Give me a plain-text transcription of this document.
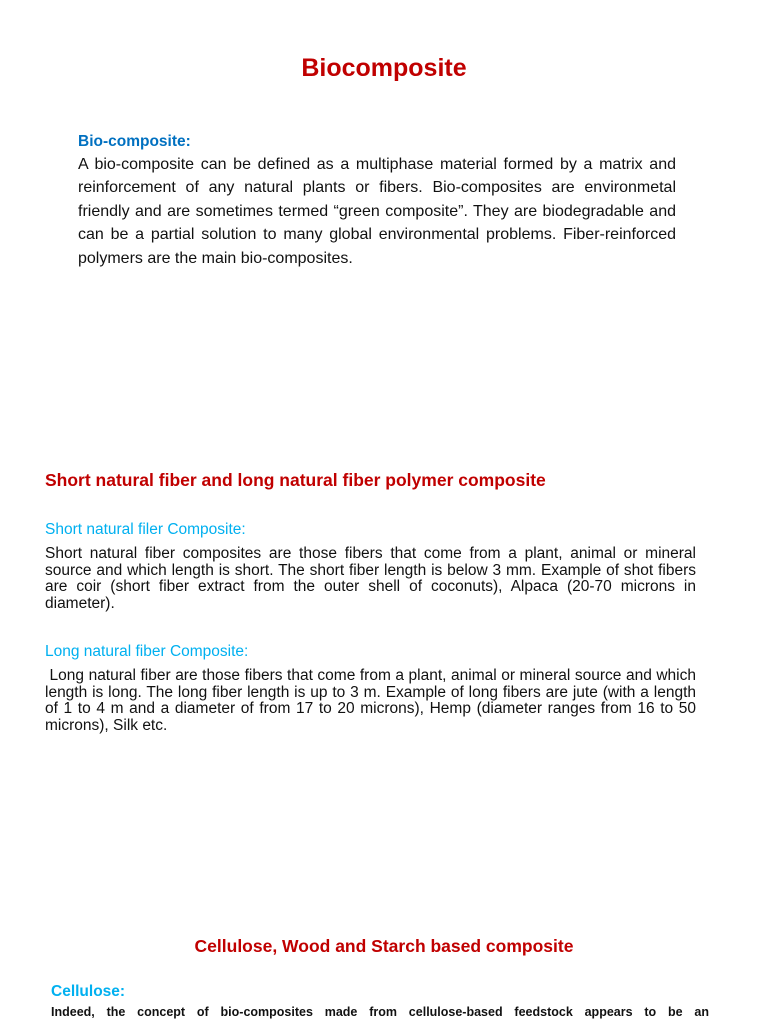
Biocomposite
Bio-composite:
A bio-composite can be defined as a multiphase material formed by a matrix and reinforcement of any natural plants or fibers. Bio-composites are environmetal friendly and are sometimes termed “green composite”. They are biodegradable and can be a partial solution to many global environmental problems. Fiber-reinforced polymers are the main bio-composites.
Short natural fiber and long natural fiber polymer composite
Short natural filer Composite:
Short natural fiber composites are those fibers that come from a plant, animal or mineral source and which length is short. The short fiber length is below 3 mm. Example of shot fibers are coir (short fiber extract from the outer shell of coconuts), Alpaca (20-70 microns in diameter).
Long natural fiber Composite:
Long natural fiber are those fibers that come from a plant, animal or mineral source and which length is long. The long fiber length is up to 3 m. Example of long fibers are jute (with a length of 1 to 4 m and a diameter of from 17 to 20 microns), Hemp (diameter ranges from 16 to 50 microns), Silk etc.
Cellulose, Wood and Starch based composite
Cellulose:
Indeed, the concept of bio-composites made from cellulose-based feedstock appears to be an
